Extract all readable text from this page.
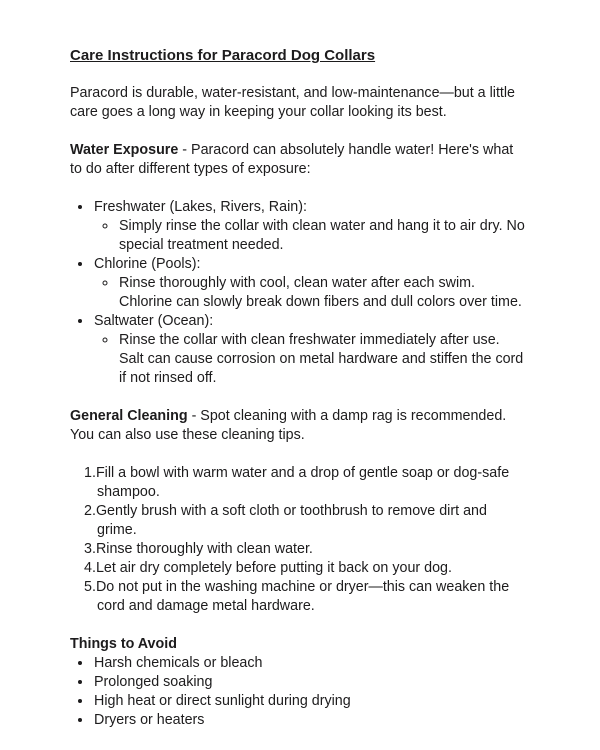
Care Instructions for Paracord Dog Collars

Paracord is durable, water-resistant, and low-maintenance—but a little care goes a long way in keeping your collar looking its best.

Water Exposure - Paracord can absolutely handle water! Here's what to do after different types of exposure:

• Freshwater (Lakes, Rivers, Rain):
◦ Simply rinse the collar with clean water and hang it to air dry. No special treatment needed.
• Chlorine (Pools):
◦ Rinse thoroughly with cool, clean water after each swim. Chlorine can slowly break down fibers and dull colors over time.
• Saltwater (Ocean):
◦ Rinse the collar with clean freshwater immediately after use. Salt can cause corrosion on metal hardware and stiffen the cord if not rinsed off.

General Cleaning - Spot cleaning with a damp rag is recommended. You can also use these cleaning tips.

Fill a bowl with warm water and a drop of gentle soap or dog-safe shampoo.
Gently brush with a soft cloth or toothbrush to remove dirt and grime.
Rinse thoroughly with clean water.
Let air dry completely before putting it back on your dog.
Do not put in the washing machine or dryer—this can weaken the cord and damage metal hardware.
Things to Avoid
• Harsh chemicals or bleach
• Prolonged soaking
• High heat or direct sunlight during drying
• Dryers or heaters
